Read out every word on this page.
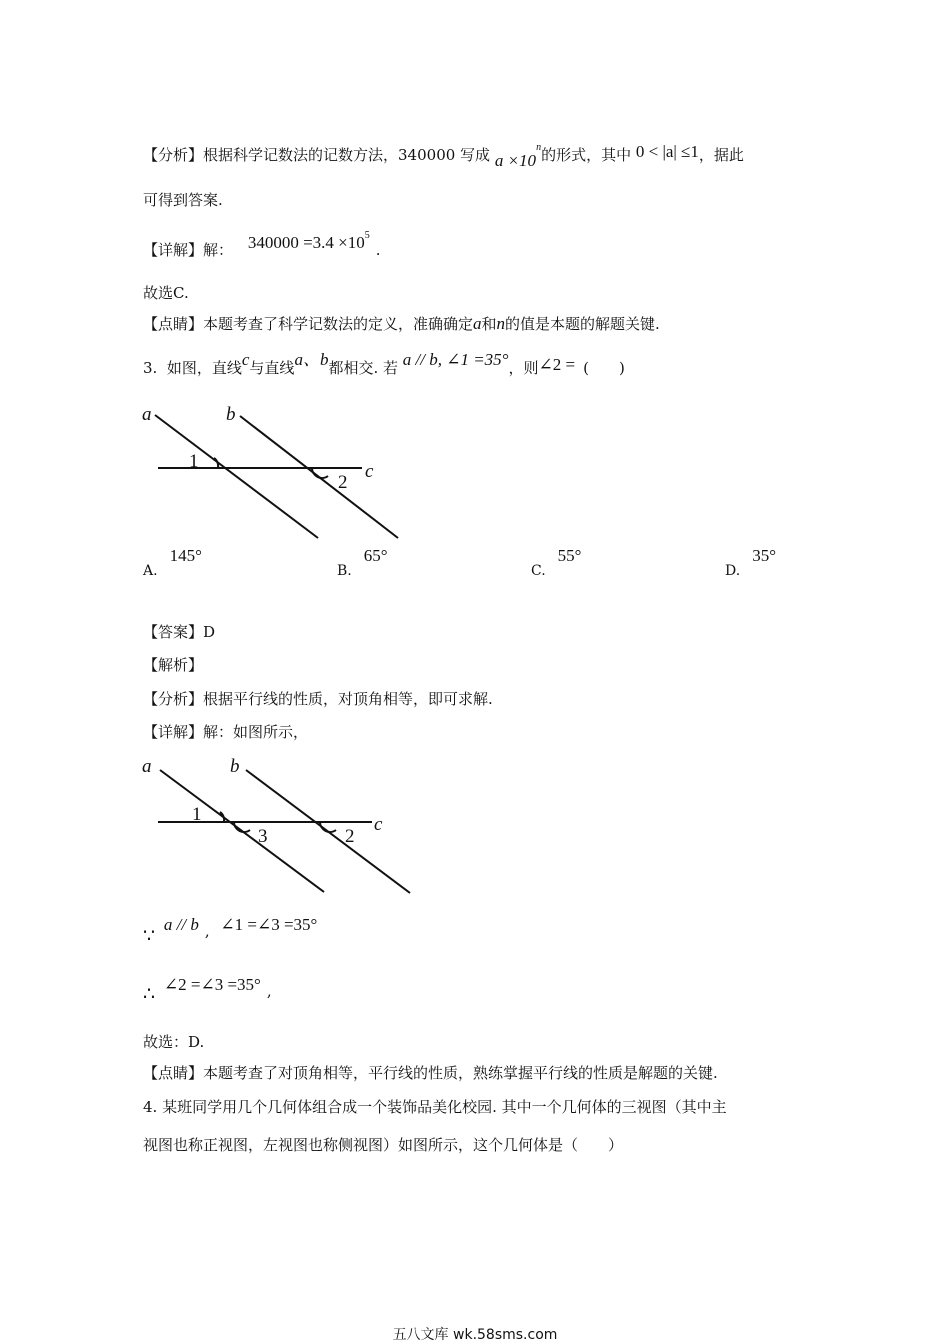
【分析】根据科学记数法的记数方法，340000 写成 $a \times 10^n$的形式，其中 0 < |a| ≤1，据此
可得到答案.
【详解】解： $340000 =3.4 \times 10^5$.
故选C.
【点睛】本题考查了科学记数法的定义，准确确定a和n的值是本题的解题关键.
3. 如图，直线c与直线a、b都相交. 若 a // b, ∠1 =35°，则∠2 = (　　)
a	b
c
1
2
A.145°
B.65°
C.55°
D.35°
【答案】D
【解析】
【分析】根据平行线的性质，对顶角相等，即可求解.
【详解】解：如图所示，
a	b
c
1
3	2
∵ a // b , ∠1 =∠3 =35°
∴ ∠2 =∠3 =35° ,
故选：D.
【点睛】本题考查了对顶角相等，平行线的性质，熟练掌握平行线的性质是解题的关键.
4. 某班同学用几个几何体组合成一个装饰品美化校园. 其中一个几何体的三视图（其中主
视图也称正视图，左视图也称侧视图）如图所示，这个几何体是（　　）
五八文库 wk.58sms.com
